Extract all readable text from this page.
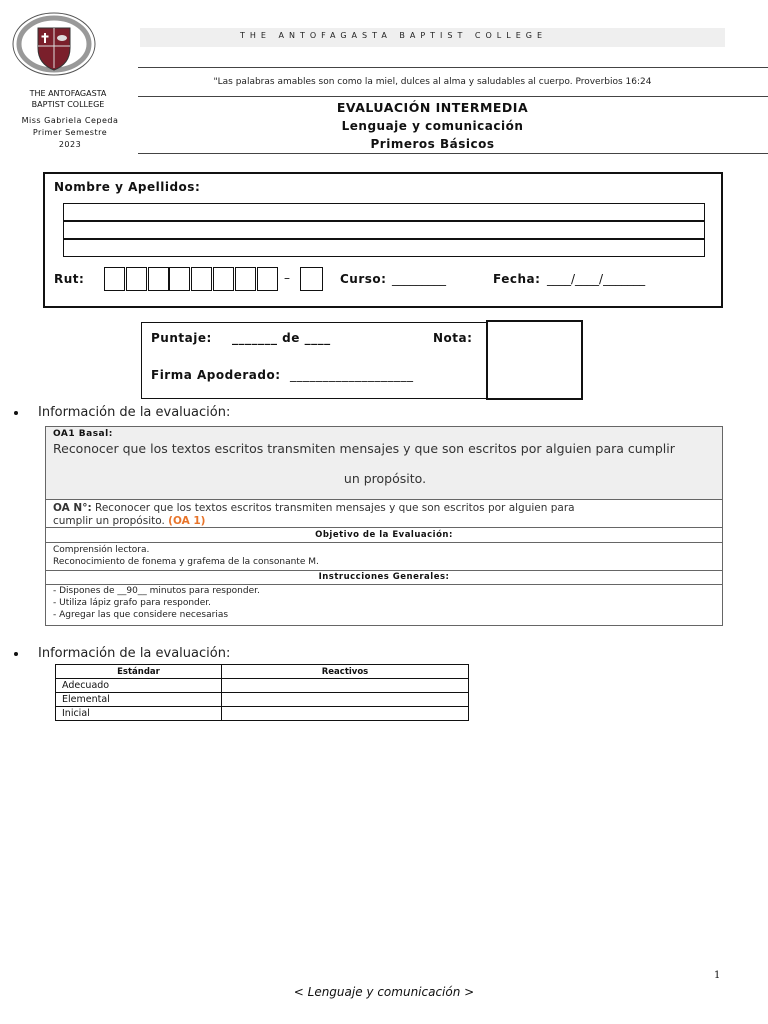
THE ANTOFAGASTA BAPTIST COLLEGE
THE ANTOFAGASTA
BAPTIST COLLEGE
Miss Gabriela Cepeda
Primer Semestre
2023
"Las palabras amables son como la miel, dulces al alma y saludables al cuerpo. Proverbios 16:24
EVALUACIÓN INTERMEDIA
Lenguaje y comunicación
Primeros Básicos
Nombre y Apellidos:
Rut:	–	Curso: _________	Fecha: ____/____/_______
Puntaje: _______ de ____	Nota:
Firma Apoderado: ___________________
Información de la evaluación:
OA1 Basal:
Reconocer que los textos escritos transmiten mensajes y que son escritos por alguien para cumplir
un propósito.
OA N°: Reconocer que los textos escritos transmiten mensajes y que son escritos por alguien para
cumplir un propósito. (OA 1)
Objetivo de la Evaluación:
Comprensión lectora.
Reconocimiento de fonema y grafema de la consonante M.
Instrucciones Generales:
- Dispones de __90__ minutos para responder.
- Utiliza lápiz grafo para responder.
- Agregar las que considere necesarias
Información de la evaluación:
Estándar	Reactivos
Adecuado	
Elemental	
Inicial	
1
< Lenguaje y comunicación >
